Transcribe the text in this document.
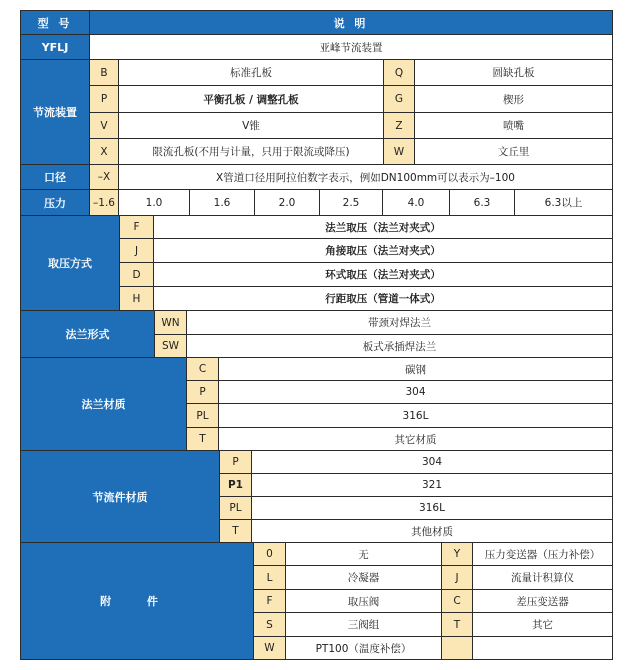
型 号	说 明
YFLJ	亚峰节流装置
节流装置
B	标准孔板	Q	圆缺孔板
P	平衡孔板 / 调整孔板	G	楔形
V	V锥	Z	喷嘴
X	限流孔板(不用与计量，只用于限流或降压)	W	文丘里
口径	–X	X管道口径用阿拉伯数字表示，例如DN100mm可以表示为–100
压力	–1.6	1.0	1.6	2.0	2.5	4.0	6.3	6.3以上
取压方式
F	法兰取压（法兰对夹式）
J	角接取压（法兰对夹式）
D	环式取压（法兰对夹式）
H	行距取压（管道一体式）
法兰形式
WN	带颈对焊法兰
SW	板式承插焊法兰
法兰材质
C	碳钢
P	304
PL	316L
T	其它材质
节流件材质
P	304
P1	321
PL	316L
T	其他材质
附 件
0	无	Y	压力变送器（压力补偿）
L	冷凝器	J	流量计积算仪
F	取压阀	C	差压变送器
S	三阀组	T	其它
W	PT100（温度补偿）
